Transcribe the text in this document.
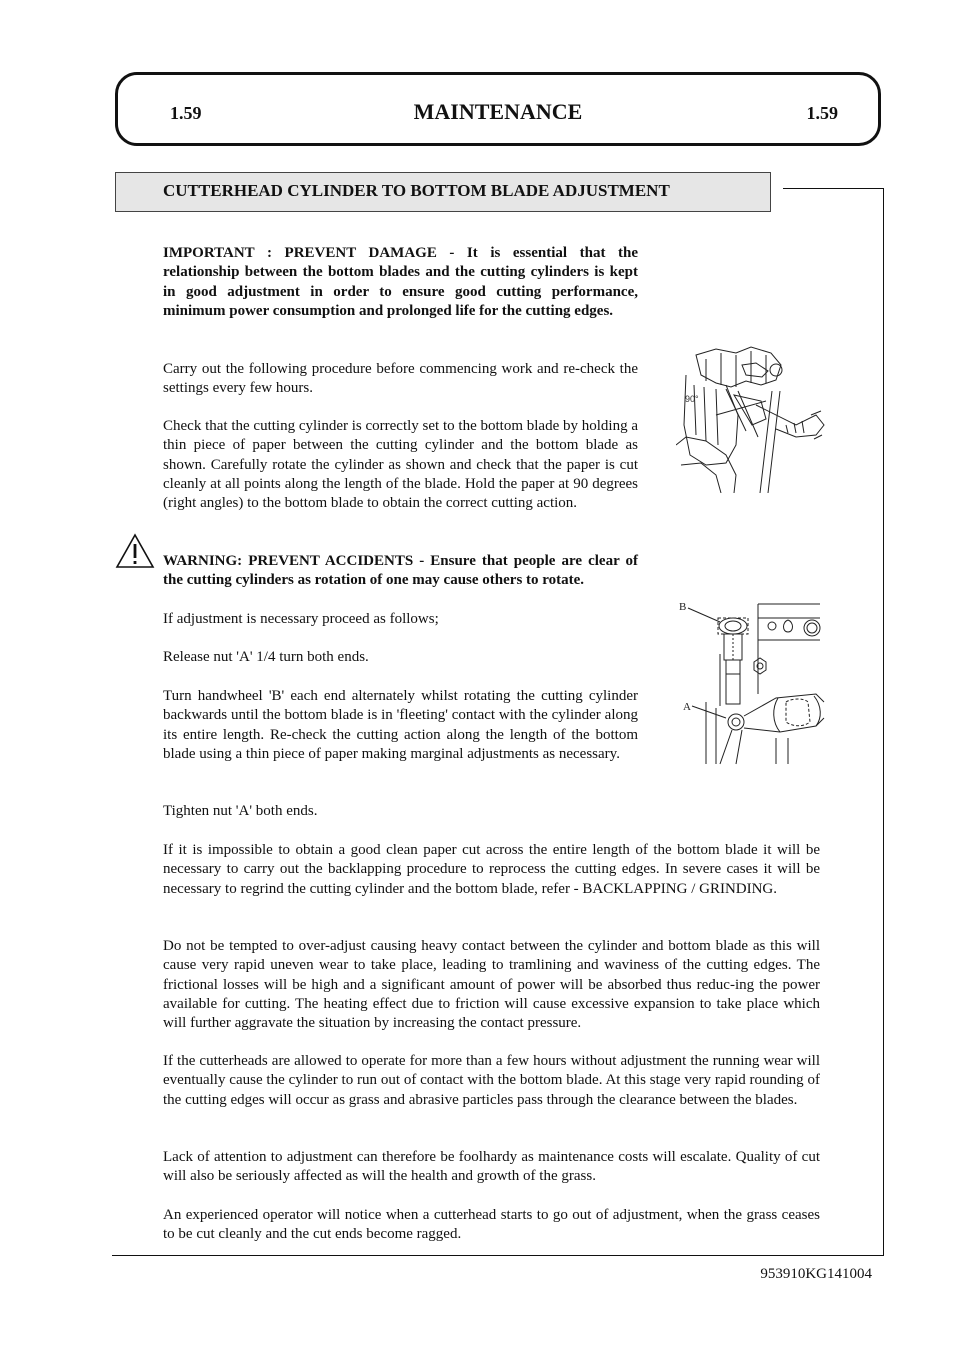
1.59	MAINTENANCE	1.59
CUTTERHEAD CYLINDER TO BOTTOM BLADE ADJUSTMENT

IMPORTANT : PREVENT DAMAGE - It is essential that the relationship between the bottom blades and the cutting cylinders is kept in good adjustment in order to ensure good cutting performance, minimum power consumption and prolonged life for the cutting edges.

Carry out the following procedure before commencing work and re-check the settings every few hours.

Check that the cutting cylinder is correctly set to the bottom blade by holding a thin piece of paper between the cutting cylinder and the bottom blade as shown. Carefully rotate the cylinder as shown and check that the paper is cut cleanly at all points along the length of the blade. Hold the paper at 90 degrees (right angles) to the bottom blade to obtain the correct cutting action.

WARNING: PREVENT ACCIDENTS - Ensure that people are clear of the cutting cylinders as rotation of one may cause others to rotate.

If adjustment is necessary proceed as follows;

Release nut 'A' 1/4 turn both ends.

Turn handwheel 'B' each end alternately whilst rotating the cutting cylinder backwards until the bottom blade is in 'fleeting' contact with the cylinder along its entire length. Re-check the cutting action along the length of the bottom blade using a thin piece of paper making marginal adjustments as necessary.

Tighten nut 'A' both ends.

If it is impossible to obtain a good clean paper cut across the entire length of the bottom blade it will be necessary to carry out the backlapping procedure to reprocess the cutting edges. In severe cases it will be necessary to regrind the cutting cylinder and the bottom blade, refer - BACKLAPPING / GRINDING.

Do not be tempted to over-adjust causing heavy contact between the cylinder and bottom blade as this will cause very rapid uneven wear to take place, leading to tramlining and waviness of the cutting edges. The frictional losses will be high and a significant amount of power will be absorbed thus reduc-ing the power available for cutting. The heating effect due to friction will cause excessive expansion to take place which will further aggravate the situation by increasing the contact pressure.

If the cutterheads are allowed to operate for more than a few hours without adjustment the running wear will eventually cause the cylinder to run out of contact with the bottom blade. At this stage very rapid rounding of the cutting edges will occur as grass and abrasive particles pass through the clearance between the blades.

Lack of attention to adjustment can therefore be foolhardy as maintenance costs will escalate. Quality of cut will also be seriously affected as will the health and growth of the grass.

An experienced operator will notice when a cutterhead starts to go out of adjustment, when the grass ceases to be cut cleanly and the cut ends become ragged.

90°
B
A
953910KG141004
